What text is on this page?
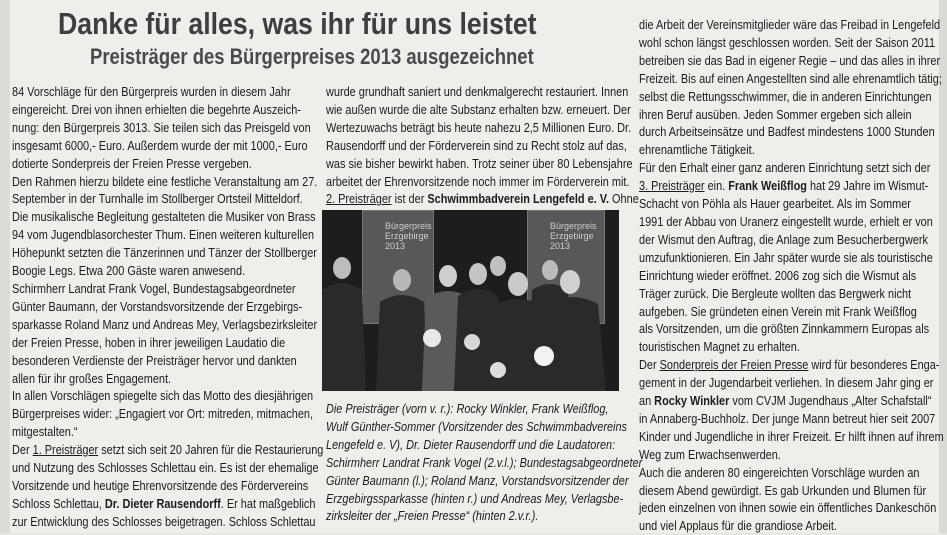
Danke für alles, was ihr für uns leistet
Preisträger des Bürgerpreises 2013 ausgezeichnet

84 Vorschläge für den Bürgerpreis wurden in diesem Jahr

eingereicht. Drei von ihnen erhielten die begehrte Auszeich-

nung: den Bürgerpreis 3013. Sie teilen sich das Preisgeld von

insgesamt 6000,- Euro. Außerdem wurde der mit 1000,- Euro

dotierte Sonderpreis der Freien Presse vergeben.

Den Rahmen hierzu bildete eine festliche Veranstaltung am 27.

September in der Turnhalle im Stollberger Ortsteil Mitteldorf.

Die musikalische Begleitung gestalteten die Musiker von Brass

94 vom Jugendblasorchester Thum. Einen weiteren kulturellen

Höhepunkt setzten die Tänzerinnen und Tänzer der Stollberger

Boogie Legs. Etwa 200 Gäste waren anwesend.

Schirmherr Landrat Frank Vogel, Bundestagsabgeordneter

Günter Baumann, der Vorstandsvorsitzende der Erzgebirgs-

sparkasse Roland Manz und Andreas Mey, Verlagsbezirksleiter

der Freien Presse, hoben in ihrer jeweiligen Laudatio die

besonderen Verdienste der Preisträger hervor und dankten

allen für ihr großes Engagement.

In allen Vorschlägen spiegelte sich das Motto des diesjährigen

Bürgerpreises wider: „Engagiert vor Ort: mitreden, mitmachen,

mitgestalten.“

Der 1. Preisträger setzt sich seit 20 Jahren für die Restaurierung

und Nutzung des Schlosses Schlettau ein. Es ist der ehemalige

Vorsitzende und heutige Ehrenvorsitzende des Fördervereins

Schloss Schlettau, Dr. Dieter Rausendorff. Er hat maßgeblich

zur Entwicklung des Schlosses beigetragen. Schloss Schlettau

wurde grundhaft saniert und denkmalgerecht restauriert. Innen

wie außen wurde die alte Substanz erhalten bzw. erneuert. Der

Wertezuwachs beträgt bis heute nahezu 2,5 Millionen Euro. Dr.

Rausendorff und der Förderverein sind zu Recht stolz auf das,

was sie bisher bewirkt haben. Trotz seiner über 80 Lebensjahre

arbeitet der Ehrenvorsitzende noch immer im Förderverein mit.

2. Preisträger ist der Schwimmbadverein Lengefeld e. V. Ohne

Bürgerpreis
Erzgebirge
2013
Bürgerpreis
Erzgebirge
2013
Die Preisträger (vorn v. r.): Rocky Winkler, Frank Weißflog,
Wulf Günther-Sommer (Vorsitzender des Schwimmbadvereins
Lengefeld e. V), Dr. Dieter Rausendorff und die Laudatoren:
Schirmherr Landrat Frank Vogel (2.v.l.); Bundestagsabgeordneter
Günter Baumann (l.); Roland Manz, Vorstandsvorsitzender der
Erzgebirgssparkasse (hinten r.) und Andreas Mey, Verlagsbe-
zirksleiter der „Freien Presse“ (hinten 2.v.r.).

die Arbeit der Vereinsmitglieder wäre das Freibad in Lengefeld

wohl schon längst geschlossen worden. Seit der Saison 2011

betreiben sie das Bad in eigener Regie – und das alles in ihrer

Freizeit. Bis auf einen Angestellten sind alle ehrenamtlich tätig;

selbst die Rettungsschwimmer, die in anderen Einrichtungen

ihren Beruf ausüben. Jeden Sommer ergeben sich allein

durch Arbeitseinsätze und Badfest mindestens 1000 Stunden

ehrenamtliche Tätigkeit.

Für den Erhalt einer ganz anderen Einrichtung setzt sich der

3. Preisträger ein. Frank Weißflog hat 29 Jahre im Wismut-

Schacht von Pöhla als Hauer gearbeitet. Als im Sommer

1991 der Abbau von Uranerz eingestellt wurde, erhielt er von

der Wismut den Auftrag, die Anlage zum Besucherbergwerk

umzufunktionieren. Ein Jahr später wurde sie als touristische

Einrichtung wieder eröffnet. 2006 zog sich die Wismut als

Träger zurück. Die Bergleute wollten das Bergwerk nicht

aufgeben. Sie gründeten einen Verein mit Frank Weißflog

als Vorsitzenden, um die größten Zinnkammern Europas als

touristischen Magnet zu erhalten.

Der Sonderpreis der Freien Presse wird für besonderes Enga-

gement in der Jugendarbeit verliehen. In diesem Jahr ging er

an Rocky Winkler vom CVJM Jugendhaus „Alter Schafstall“

in Annaberg-Buchholz. Der junge Mann betreut hier seit 2007

Kinder und Jugendliche in ihrer Freizeit. Er hilft ihnen auf ihrem

Weg zum Erwachsenwerden.

Auch die anderen 80 eingereichten Vorschläge wurden an

diesem Abend gewürdigt. Es gab Urkunden und Blumen für

jeden einzelnen von ihnen sowie ein öffentliches Dankeschön

und viel Applaus für die grandiose Arbeit.
